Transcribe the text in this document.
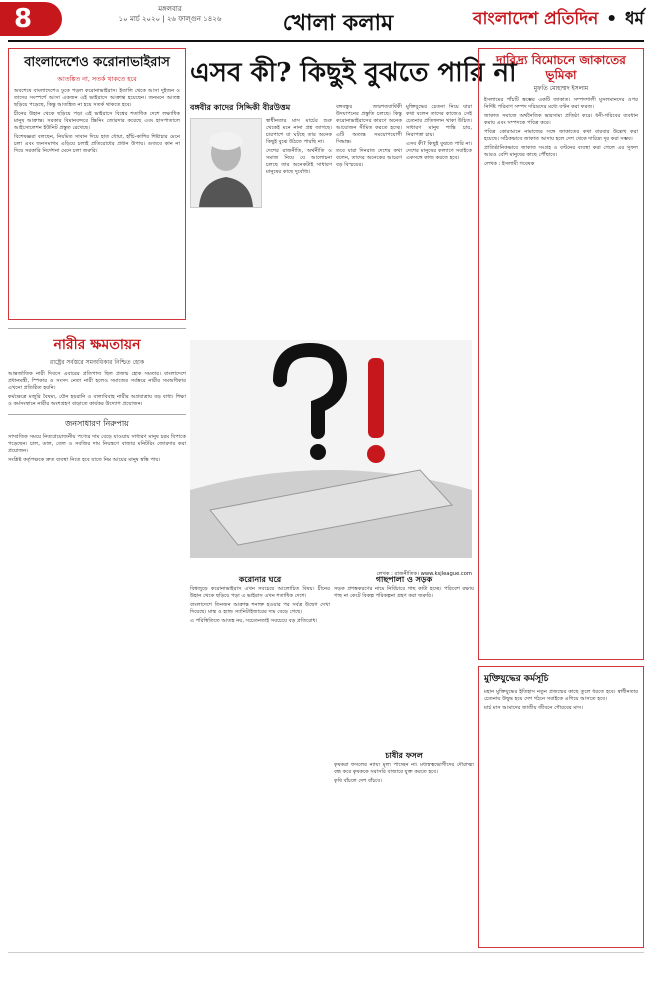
8	মঙ্গলবার
১০ মার্চ ২০২০ | ২৬ ফাল্গুন ১৪২৬	খোলা কলাম	বাংলাদেশ প্রতিদিন • ধর্ম
বাংলাদেশেও করোনাভাইরাস
আতঙ্কিত না, সতর্ক থাকতে হবে

অবশেষে বাংলাদেশেও ঢুকে পড়ল করোনাভাইরাস। ইতালি থেকে আসা দুইজন ও তাদের সংস্পর্শে আসা একজন এই ভাইরাসে আক্রান্ত হয়েছেন। জনমনে আতঙ্ক ছড়িয়ে পড়েছে, কিন্তু আতঙ্কিত না হয়ে সতর্ক থাকতে হবে।

চীনের উহান থেকে ছড়িয়ে পড়া এই ভাইরাসে বিশ্বের শতাধিক দেশে লক্ষাধিক মানুষ আক্রান্ত। সরকার বিমানবন্দরে স্ক্রিনিং জোরদার করেছে এবং হাসপাতালে আইসোলেশন ইউনিট প্রস্তুত রেখেছে।

বিশেষজ্ঞরা বলছেন, নিয়মিত সাবান দিয়ে হাত ধোয়া, হাঁচি-কাশির শিষ্টাচার মেনে চলা এবং জনসমাগম এড়িয়ে চলাই প্রতিরোধের প্রধান উপায়। গুজবে কান না দিয়ে সরকারি নির্দেশনা মেনে চলা জরুরি।

নারীর ক্ষমতায়ন
রাষ্ট্রের সর্বস্তরে সমঅধিকার নিশ্চিত হোক

আন্তর্জাতিক নারী দিবসে এবারের প্রতিপাদ্য ছিল প্রজন্ম হোক সমতার। বাংলাদেশে প্রধানমন্ত্রী, স্পিকার ও সংসদ নেতা নারী হলেও সমাজের সর্বস্তরে নারীর সমঅধিকার এখনো প্রতিষ্ঠিত হয়নি।

কর্মক্ষেত্রে মজুরি বৈষম্য, যৌন হয়রানি ও বাল্যবিবাহ নারীর অগ্রযাত্রায় বড় বাধা। শিক্ষা ও কর্মসংস্থানে নারীর অংশগ্রহণ বাড়াতে কার্যকর উদ্যোগ প্রয়োজন।

জনসাধারণ নিরুপায়

সাম্প্রতিক সময়ে নিত্যপ্রয়োজনীয় পণ্যের দাম বেড়ে যাওয়ায় সাধারণ মানুষ চরম বিপাকে পড়েছেন। চাল, ডাল, তেল ও সবজির দাম নিয়ন্ত্রণে বাজার মনিটরিং জোরদার করা প্রয়োজন।

সংশ্লিষ্ট কর্তৃপক্ষকে দ্রুত ব্যবস্থা নিতে হবে যাতে নিম্ন আয়ের মানুষ স্বস্তি পায়।

এসব কী? কিছুই বুঝতে পারি না
বঙ্গবীর কাদের সিদ্দিকী বীরউত্তম

স্বাধীনতার মাস মার্চের শুরু থেকেই মনে নানা প্রশ্ন জাগছে। চারপাশে যা ঘটছে তার অনেক কিছুই বুঝে উঠতে পারছি না।

দেশের রাজনীতি, অর্থনীতি ও সমাজ নিয়ে যে আলোচনা চলছে তার অনেকটাই সাধারণ মানুষের কাছে দুর্বোধ্য।

বঙ্গবন্ধুর জন্মশতবার্ষিকী উদযাপনের প্রস্তুতি চলছে। কিন্তু করোনাভাইরাসের কারণে অনেক আয়োজন সীমিত করতে হচ্ছে। এটি অত্যন্ত সময়োপযোগী সিদ্ধান্ত।

তবে যারা দিনরাত দেশের কথা বলেন, তাদের অনেকের আচরণ বড় বিস্ময়ের।

মুক্তিযুদ্ধের চেতনা নিয়ে যারা কথা বলেন তাদের কাজেও সেই চেতনার প্রতিফলন থাকা উচিত। সাধারণ মানুষ শান্তি চায়, নিরাপত্তা চায়।

এসব কী? কিছুই বুঝতে পারি না। দেশের মানুষের কল্যাণে সবাইকে একসঙ্গে কাজ করতে হবে।

লেখক : রাজনীতিক। www.ksjleague.com
করোনার ঘরে

বিশ্বজুড়ে করোনাভাইরাস এখন সবচেয়ে আলোচিত বিষয়। চীনের উহান থেকে ছড়িয়ে পড়া এ ভাইরাস এখন শতাধিক দেশে।

বাংলাদেশে তিনজন আক্রান্ত শনাক্ত হওয়ার পর সর্বত্র উদ্বেগ দেখা দিয়েছে। মাস্ক ও হ্যান্ড স্যানিটাইজারের দাম বেড়ে গেছে।

এ পরিস্থিতিতে আতঙ্ক নয়, সচেতনতাই সবচেয়ে বড় প্রতিরোধ।

গাছপালা ও সড়ক

সড়ক প্রশস্তকরণের নামে নির্বিচারে গাছ কাটা হচ্ছে। পরিবেশ রক্ষায় গাছ না কেটে বিকল্প পরিকল্পনা গ্রহণ করা জরুরি।

চাষীর ফসল

কৃষকরা ফসলের ন্যায্য মূল্য পাচ্ছেন না। মধ্যস্বত্বভোগীদের দৌরাত্ম্য বন্ধ করে কৃষককে সরাসরি বাজারে যুক্ত করতে হবে।

কৃষি বাঁচলে দেশ বাঁচবে।

দারিদ্র্য বিমোচনে জাকাতের ভূমিকা
মুফতি মোহাম্মদ ইসলাম

ইসলামের পাঁচটি স্তম্ভের একটি জাকাত। সম্পদশালী মুসলমানদের ওপর নির্দিষ্ট পরিমাণ সম্পদ দরিদ্রদের মধ্যে বণ্টন করা ফরজ।

জাকাত সমাজে অর্থনৈতিক ভারসাম্য প্রতিষ্ঠা করে। ধনী-গরিবের ব্যবধান কমায় এবং সম্পদকে পবিত্র করে।

পবিত্র কোরআনে নামাজের সঙ্গে জাকাতের কথা বারবার উল্লেখ করা হয়েছে। সঠিকভাবে জাকাত আদায় হলে দেশ থেকে দারিদ্র্য দূর করা সম্ভব।

প্রাতিষ্ঠানিকভাবে জাকাত সংগ্রহ ও বণ্টনের ব্যবস্থা করা গেলে এর সুফল আরও বেশি মানুষের কাছে পৌঁছাবে।

লেখক : ইসলামী গবেষক

মুক্তিযুদ্ধের কর্মসূচি

মহান মুক্তিযুদ্ধের ইতিহাস নতুন প্রজন্মের কাছে তুলে ধরতে হবে। স্বাধীনতার চেতনায় উদ্বুদ্ধ হয়ে দেশ গঠনে সবাইকে এগিয়ে আসতে হবে।

মার্চ মাস আমাদের জাতীয় জীবনে গৌরবের মাস।
